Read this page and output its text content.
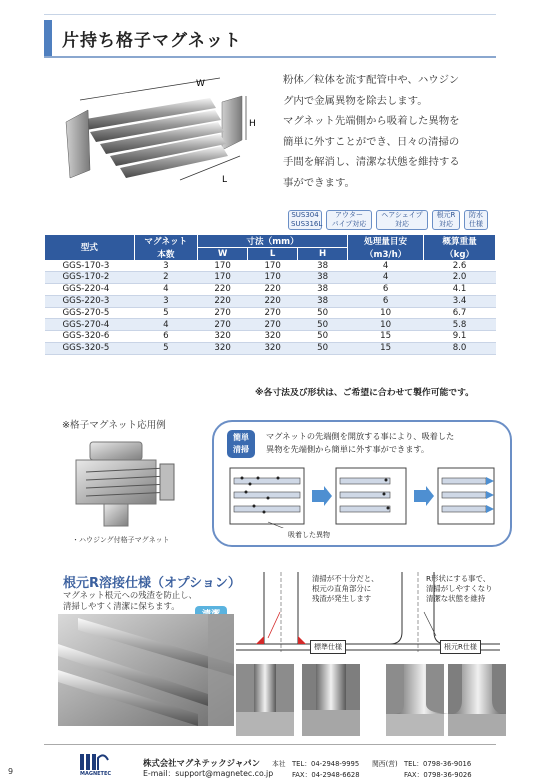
片持ち格子マグネット
W
H
L
粉体／粒体を流す配管中や、ハウジン
グ内で金属異物を除去します。
マグネット先端側から吸着した異物を
簡単に外すことができ、日々の清掃の
手間を解消し、清潔な状態を維持する
事ができます。
SUS304
SUS316L
アウター
パイプ対応
ヘアシェイプ
対応
根元R
対応
防水
仕様
型式	マグネット	寸法（mm）			処理量目安	概算重量
	本数	W	L	H	（m3/h）	（kg）
GGS-170-3	3	170	170	38	4	2.6
GGS-170-2	2	170	170	38	4	2.0
GGS-220-4	4	220	220	38	6	4.1
GGS-220-3	3	220	220	38	6	3.4
GGS-270-5	5	270	270	50	10	6.7
GGS-270-4	4	270	270	50	10	5.8
GGS-320-6	6	320	320	50	15	9.1
GGS-320-5	5	320	320	50	15	8.0
※各寸法及び形状は、ご希望に合わせて製作可能です。
※格子マグネット応用例
・ハウジング付格子マグネット
簡単
清掃
マグネットの先端側を開放する事により、吸着した
異物を先端側から簡単に外す事ができます。
吸着した異物
根元R溶接仕様（オプション）
マグネット根元への残渣を防止し、
清掃しやすく清潔に保ちます。
清掃が不十分だと、
根元の直角部分に
残渣が発生します
標準仕様
R形状にする事で、
清掃がしやすくなり
清潔な状態を維持
根元R仕様
9	MAGNETEC
株式会社マグネテックジャパン
E-mail：support@magnetec.co.jp
本社 TEL：04-2948-9995
FAX：04-2948-6628
関西(営) TEL：0798-36-9016
FAX：0798-36-9026
